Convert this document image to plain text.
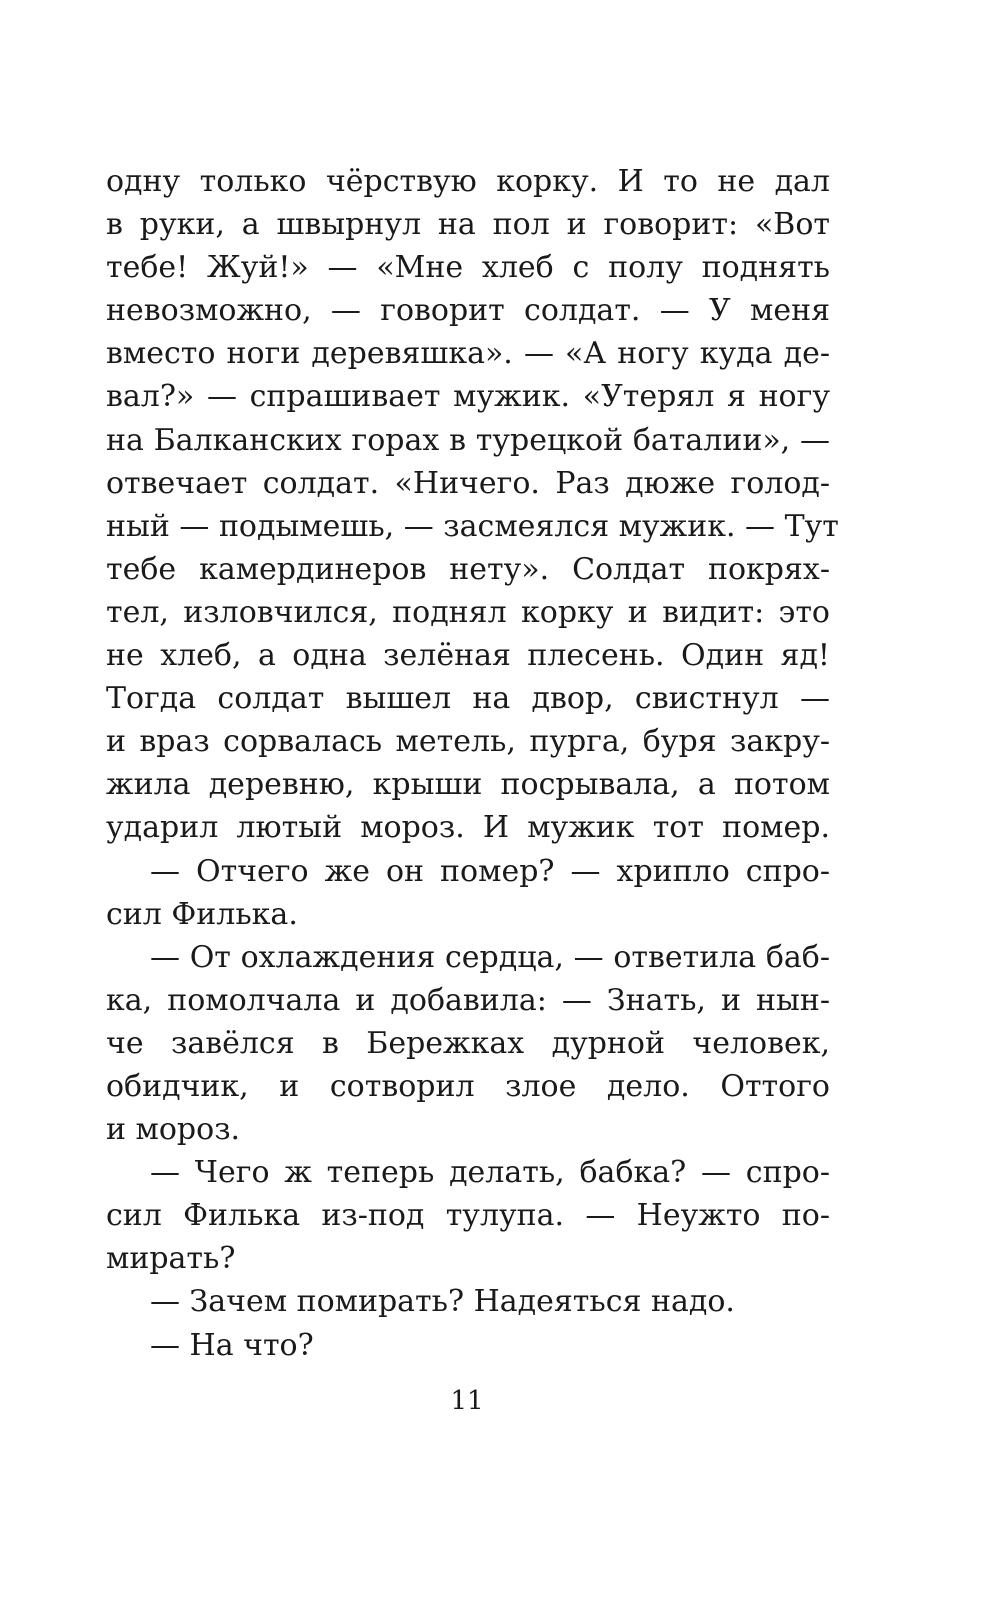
одну только чёрствую корку. И то не дал
в руки, а швырнул на пол и говорит: «Вот
тебе! Жуй!» — «Мне хлеб с полу поднять
невозможно, — говорит солдат. — У меня
вместо ноги деревяшка». — «А ногу куда де-
вал?» — спрашивает мужик. «Утерял я ногу
на Балканских горах в турецкой баталии», —
отвечает солдат. «Ничего. Раз дюже голод-
ный — подымешь, — засмеялся мужик. — Тут
тебе камердинеров нету». Солдат покрях-
тел, изловчился, поднял корку и видит: это
не хлеб, а одна зелёная плесень. Один яд!
Тогда солдат вышел на двор, свистнул —
и враз сорвалась метель, пурга, буря закру-
жила деревню, крыши посрывала, а потом
ударил лютый мороз. И мужик тот помер.
— Отчего же он помер? — хрипло спро-
сил Филька.
— От охлаждения сердца, — ответила баб-
ка, помолчала и добавила: — Знать, и нын-
че завёлся в Бережках дурной человек,
обидчик, и сотворил злое дело. Оттого
и мороз.
— Чего ж теперь делать, бабка? — спро-
сил Филька из-под тулупа. — Неужто по-
мирать?
— Зачем помирать? Надеяться надо.
— На что?
11
